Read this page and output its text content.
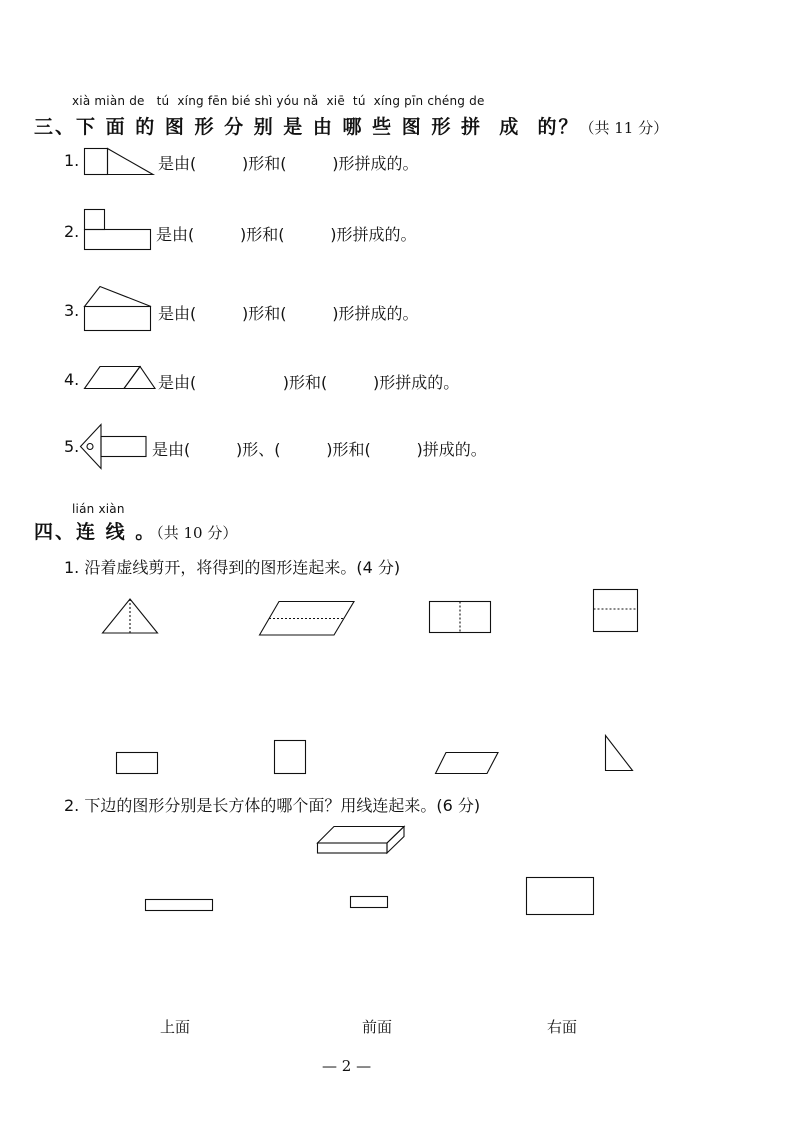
xià miàn de   tú  xíng fēn bié shì yóu nǎ  xiē  tú  xíng pīn chéng de
三、下 面 的 图 形 分 别 是 由 哪 些 图 形 拼  成  的？（共 11 分）
1.	是由(         )形和(         )形拼成的。
2.	是由(         )形和(         )形拼成的。
3.	是由(         )形和(         )形拼成的。
4.	是由(                 )形和(         )形拼成的。
5.	是由(         )形、(         )形和(         )拼成的。
lián xiàn
四、连 线 。（共 10 分）
1. 沿着虚线剪开，将得到的图形连起来。(4 分)
2. 下边的图形分别是长方体的哪个面？用线连起来。(6 分)
上面	前面	右面
— 2 —
